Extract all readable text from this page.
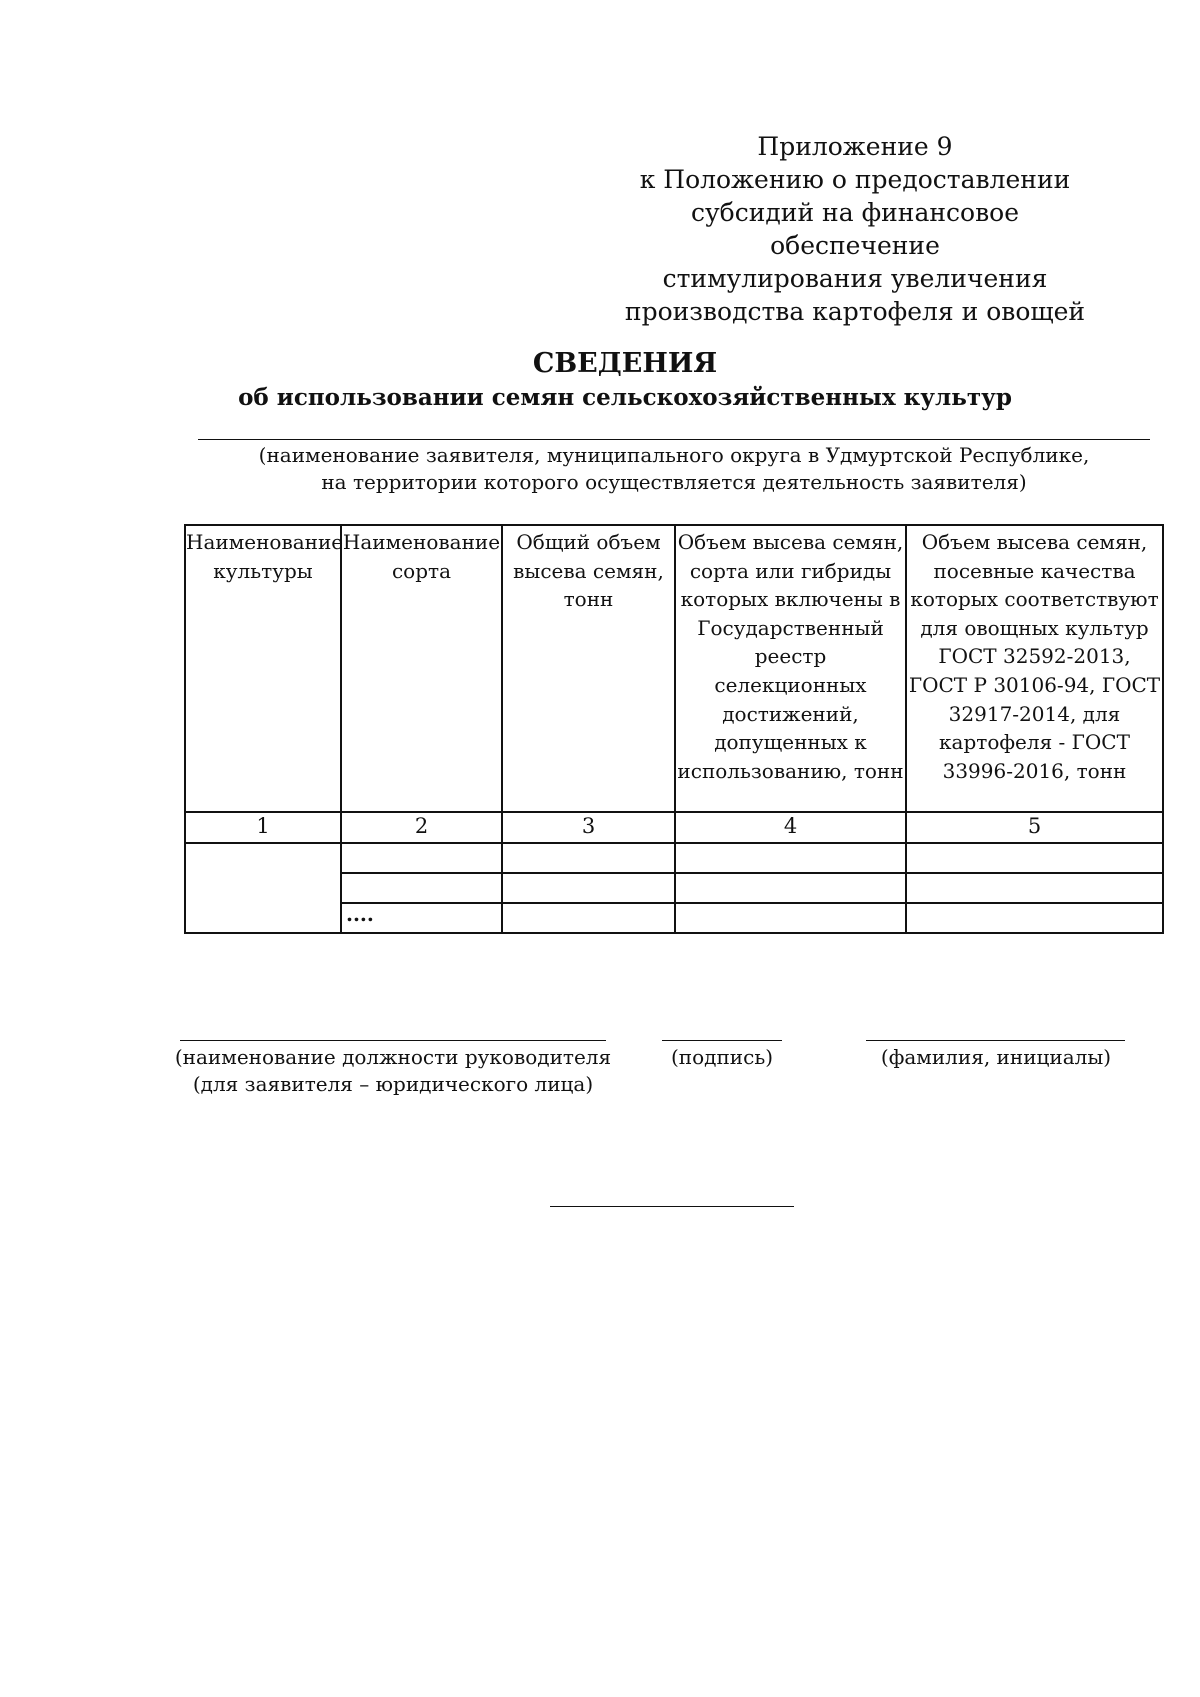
Приложение 9
к Положению о предоставлении
субсидий на финансовое обеспечение
стимулирования увеличения
производства картофеля и овощей
СВЕДЕНИЯ
об использовании семян сельскохозяйственных культур
(наименование заявителя, муниципального округа в Удмуртской Республике,
на территории которого осуществляется деятельность заявителя)
Наименование культуры	Наименование сорта	Общий объем высева семян, тонн	Объем высева семян, сорта или гибриды которых включены в Государственный реестр селекционных достижений, допущенных к использованию, тонн	Объем высева семян, посевные качества которых соответствуют для овощных культур ГОСТ 32592-2013, ГОСТ Р 30106-94, ГОСТ 32917-2014, для картофеля - ГОСТ 33996-2016, тонн
1	2	3	4	5

	....			
(наименование должности руководителя
(для заявителя – юридического лица)
(подпись)	(фамилия, инициалы)
